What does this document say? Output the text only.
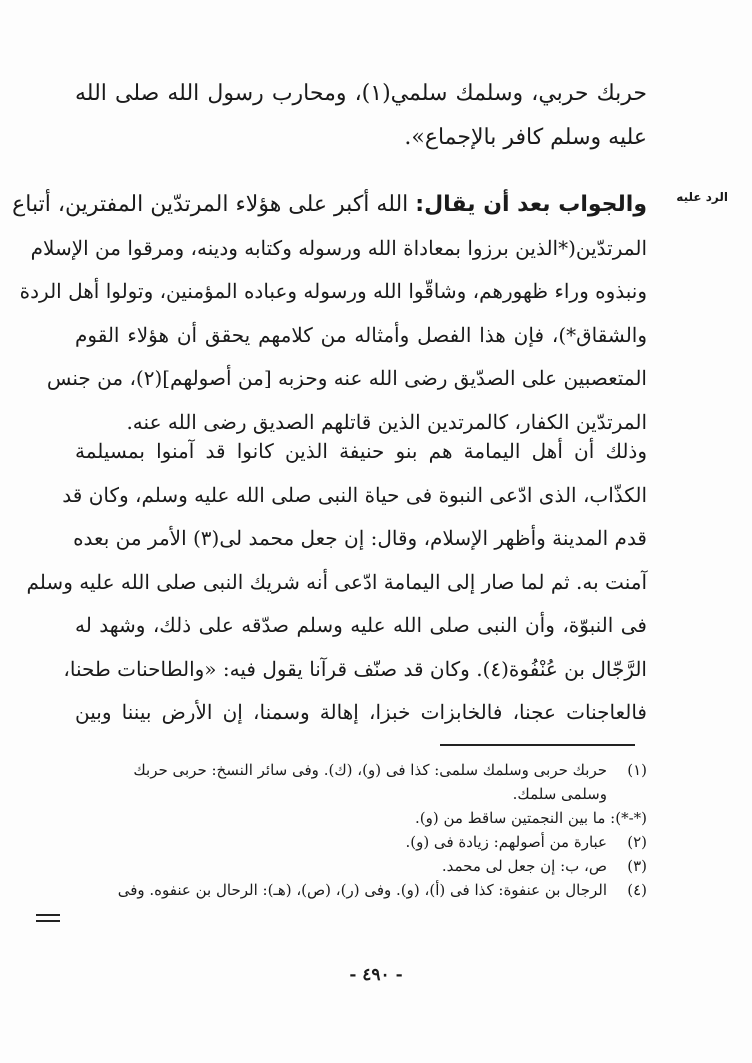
الرد عليه
حربك حربي، وسلمك سلمي(١)، ومحارب رسول الله صلى الله
عليه وسلم كافر بالإجماع».
والجواب بعد أن يقال: الله أكبر على هؤلاء المرتدّين المفترين، أتباع
المرتدّين(*الذين برزوا بمعاداة الله ورسوله وكتابه ودينه، ومرقوا من الإسلام
ونبذوه وراء ظهورهم، وشاقّوا الله ورسوله وعباده المؤمنين، وتولوا أهل الردة
والشقاق*)، فإن هذا الفصل وأمثاله من كلامهم يحقق أن هؤلاء القوم
المتعصبين على الصدّيق رضى الله عنه وحزبه [من أصولهم](٢)، من جنس
المرتدّين الكفار، كالمرتدين الذين قاتلهم الصديق رضى الله عنه.
وذلك أن أهل اليمامة هم بنو حنيفة الذين كانوا قد آمنوا بمسيلمة
الكذّاب، الذى ادّعى النبوة فى حياة النبى صلى الله عليه وسلم، وكان قد
قدم المدينة وأظهر الإسلام، وقال: إن جعل محمد لى(٣) الأمر من بعده
آمنت به. ثم لما صار إلى اليمامة ادّعى أنه شريك النبى صلى الله عليه وسلم
فى النبوّة، وأن النبى صلى الله عليه وسلم صدّقه على ذلك، وشهد له
الرَّجّال بن عُنْفُوة(٤). وكان قد صنّف قرآنا يقول فيه: «والطاحنات طحنا،
فالعاجنات عجنا، فالخابزات خبزا، إهالة وسمنا، إن الأرض بيننا وبين
(١)
حربك حربى وسلمك سلمى: كذا فى (و)، (ك). وفى سائر النسخ: حربى حربك
وسلمى سلمك.
(*-*): ما بين النجمتين ساقط من (و).
(٢)
عبارة من أصولهم: زيادة فى (و).
(٣)
ص، ب: إن جعل لى محمد.
(٤)
الرجال بن عنفوة: كذا فى (أ)، (و). وفى (ر)، (ص)، (هـ): الرحال بن عنفوه. وفى
- ٤٩٠ -
